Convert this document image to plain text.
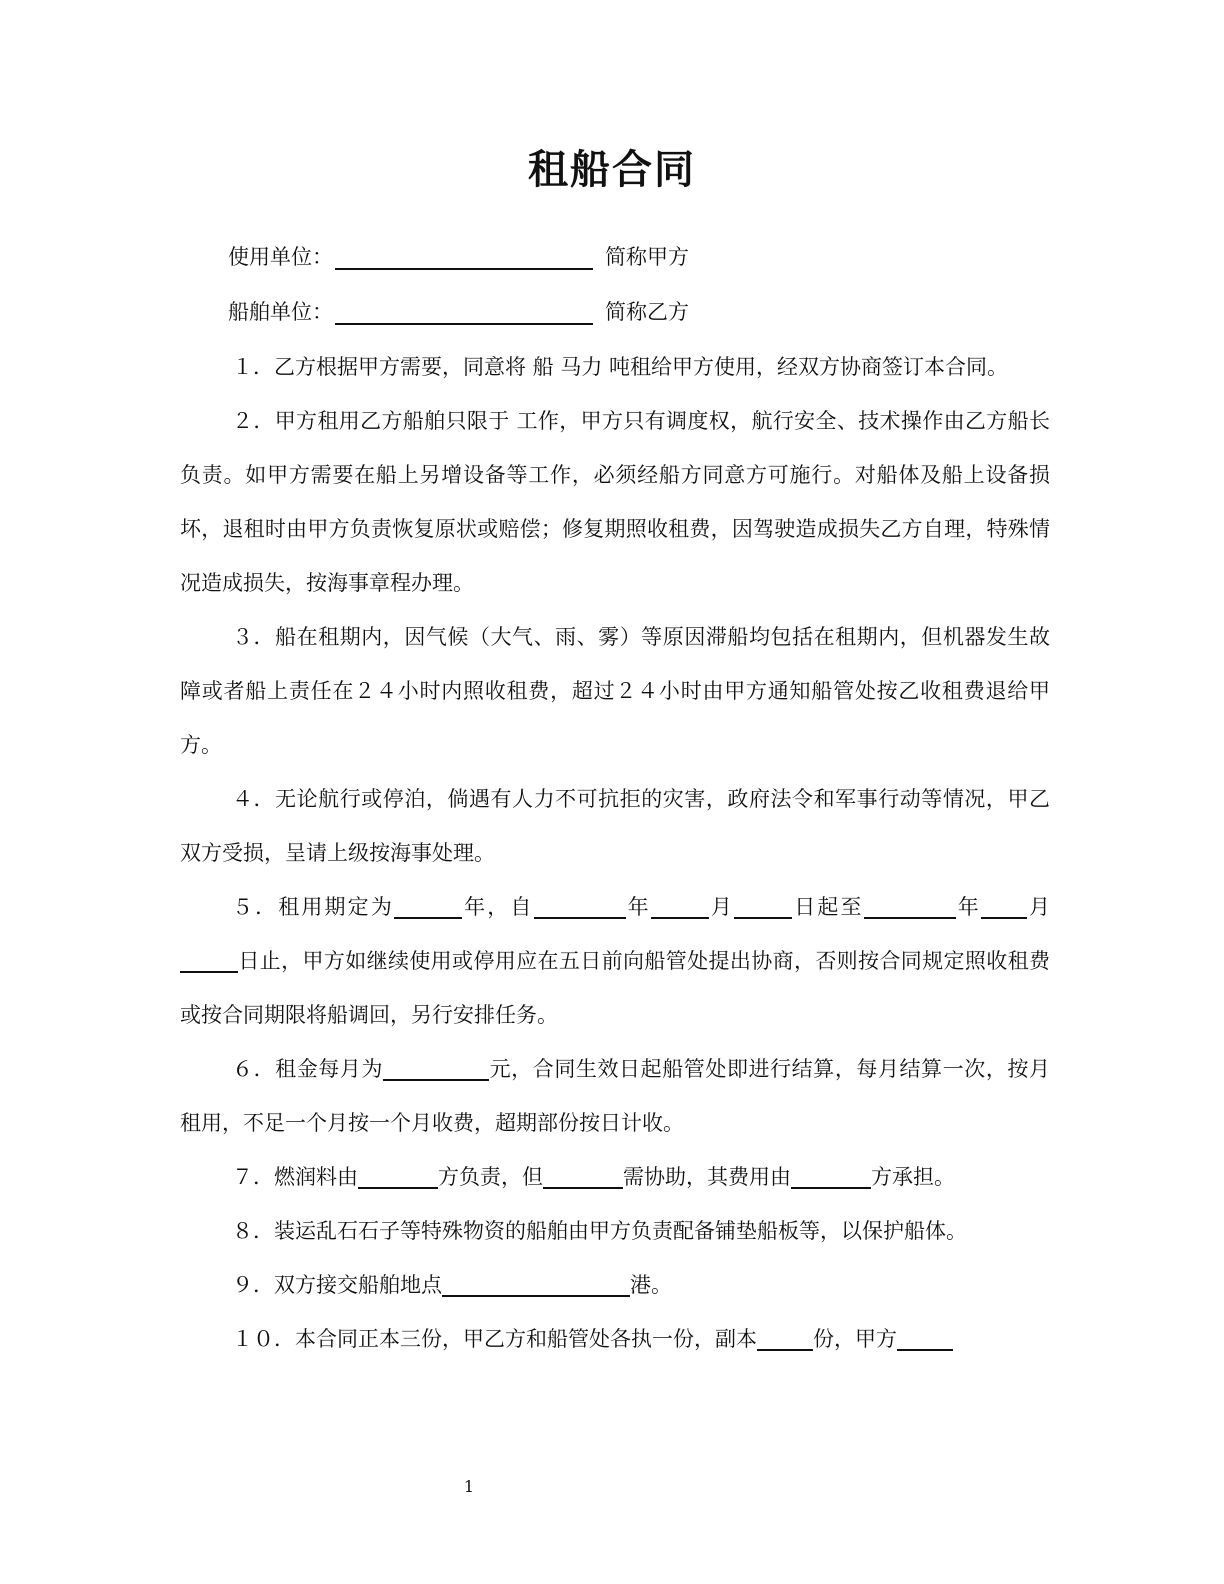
租船合同
使用单位：	简称甲方
船舶单位：	简称乙方

１．乙方根据甲方需要，同意将 船 马力 吨租给甲方使用，经双方协商签订本合同。

２．甲方租用乙方船舶只限于 工作，甲方只有调度权，航行安全、技术操作由乙方船长负责。如甲方需要在船上另增设备等工作，必须经船方同意方可施行。对船体及船上设备损坏，退租时由甲方负责恢复原状或赔偿；修复期照收租费，因驾驶造成损失乙方自理，特殊情况造成损失，按海事章程办理。

３．船在租期内，因气候（大气、雨、雾）等原因滞船均包括在租期内，但机器发生故障或者船上责任在２４小时内照收租费，超过２４小时由甲方通知船管处按乙收租费退给甲方。

４．无论航行或停泊，倘遇有人力不可抗拒的灾害，政府法令和军事行动等情况，甲乙双方受损，呈请上级按海事处理。

５．租用期定为	年，自	年	月	日起至	年 月日止，甲方如继续使用或停用应在五日前向船管处提出协商，否则按合同规定照收租费或按合同期限将船调回，另行安排任务。

６．租金每月为	元，合同生效日起船管处即进行结算，每月结算一次，按月租用，不足一个月按一个月收费，超期部份按日计收。

７．燃润料由	方负责，但	需协助，其费用由	方承担。

８．装运乱石石子等特殊物资的船舶由甲方负责配备铺垫船板等，以保护船体。

９．双方接交船舶地点	港。

１０．本合同正本三份，甲乙方和船管处各执一份，副本	份，甲方

1
